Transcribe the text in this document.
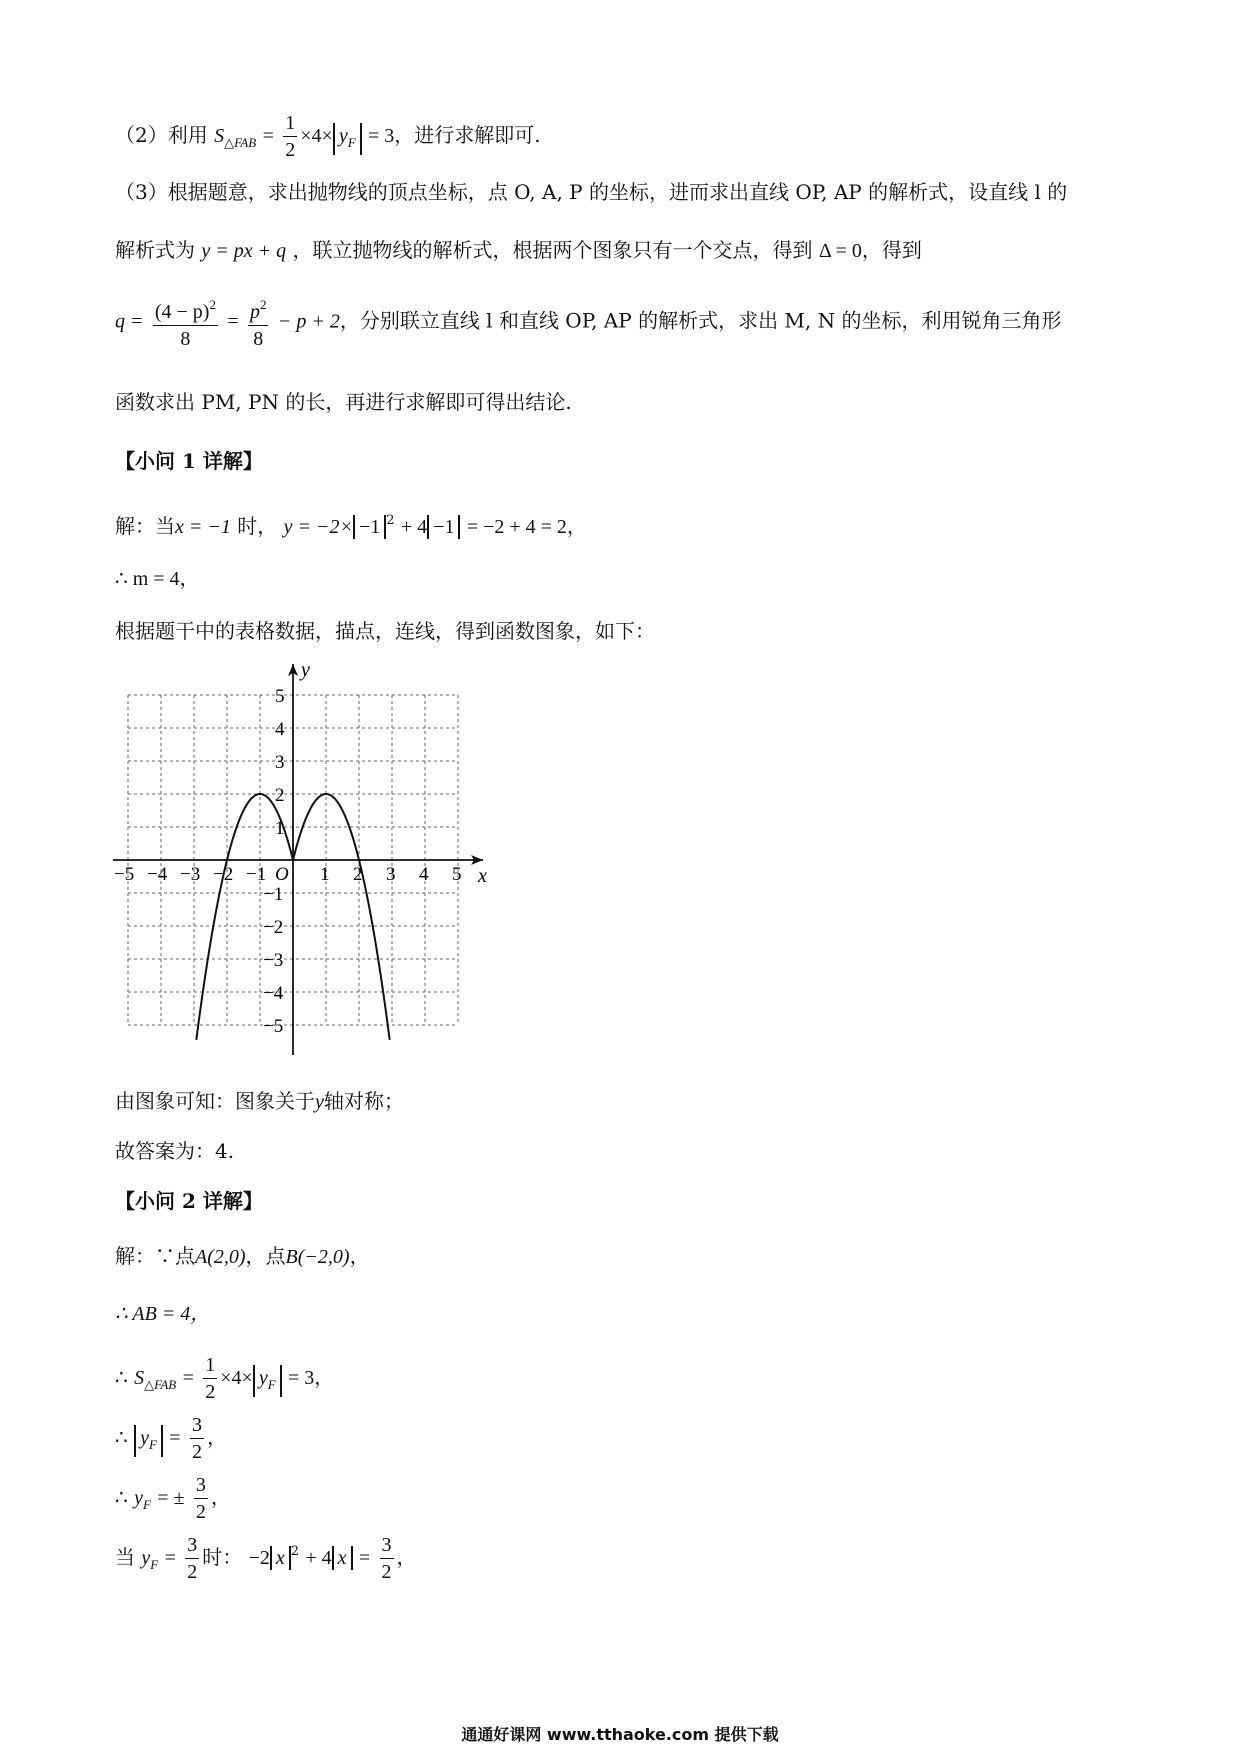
（2）利用 $S_{\triangle FAB} = \frac{1}{2} \times 4\times y_F = 3$，进行求解即可.
（3）根据题意，求出抛物线的顶点坐标，点 O, A, P 的坐标，进而求出直线 OP, AP 的解析式，设直线 l 的
解析式为 y = px + q ，联立抛物线的解析式，根据两个图象只有一个交点，得到 Δ = 0，得到
$q = \frac{(4 - p)^2}{8} = \frac{p^2}{8} - p + 2$，分别联立直线 l 和直线 OP, AP 的解析式，求出 M, N 的坐标，利用锐角三角形
函数求出 PM, PN 的长，再进行求解即可得出结论.
【小问 1 详解】
解：当x = −1 时， y = −2× −1 $^2$ + 4 −1 = −2 + 4 = 2，
∴ m = 4，
根据题干中的表格数据，描点，连线，得到函数图象，如下：
x
y
O
−5 −4 −3 −2 −1	1 2 3 4 5
5
4
3
2
1
−1
−2
−3
−4
−5
由图象可知：图象关于y轴对称；
故答案为：4.
【小问 2 详解】
解：∵点A(2,0)，点B(−2,0)，
∴ AB = 4，
∴ $S_{\triangle FAB} = \frac{1}{2} \times 4\times y_F = 3$，
∴ $y_F = \frac{3}{2}$ ，
∴ $y_F$ = ± $\frac{3}{2}$ ，
当 $y_F = \frac{3}{2}$ 时： −2 x $^2$ + 4 $x = \frac{3}{2}$ ，
通通好课网 www.tthaoke.com 提供下载
